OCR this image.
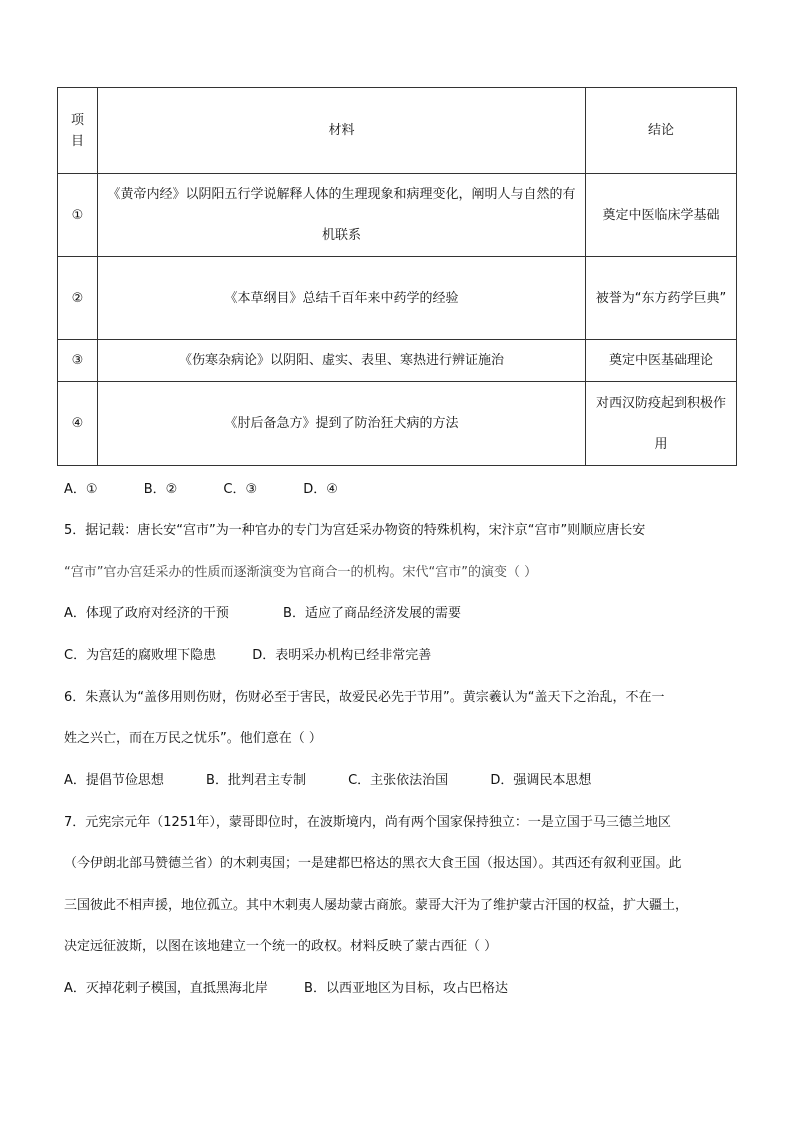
项
目	材料	结论
①	《黄帝内经》以阴阳五行学说解释人体的生理现象和病理变化，阐明人与自然的有机联系	奠定中医临床学基础
②	《本草纲目》总结千百年来中药学的经验	被誉为“东方药学巨典”
③	《伤寒杂病论》以阴阳、虚实、表里、寒热进行辨证施治	奠定中医基础理论
④	《肘后备急方》提到了防治狂犬病的方法	对西汉防疫起到积极作用
A．①	B．②	C．③	D．④
5．据记载：唐长安“宫市”为一种官办的专门为宫廷采办物资的特殊机构，宋汴京“宫市”则顺应唐长安
“宫市”官办宫廷采办的性质而逐渐演变为官商合一的机构。宋代“宫市”的演变（ ）
A．体现了政府对经济的干预	B．适应了商品经济发展的需要
C．为宫廷的腐败埋下隐患	D．表明采办机构已经非常完善
6．朱熹认为“盖侈用则伤财，伤财必至于害民，故爱民必先于节用”。黄宗羲认为“盖天下之治乱，不在一
姓之兴亡，而在万民之忧乐”。他们意在（ ）
A．提倡节俭思想	B．批判君主专制	C．主张依法治国	D．强调民本思想
7．元宪宗元年（1251年），蒙哥即位时，在波斯境内，尚有两个国家保持独立：一是立国于马三德兰地区
（今伊朗北部马赞德兰省）的木剌夷国；一是建都巴格达的黑衣大食王国（报达国）。其西还有叙利亚国。此
三国彼此不相声援，地位孤立。其中木剌夷人屡劫蒙古商旅。蒙哥大汗为了维护蒙古汗国的权益，扩大疆土，
决定远征波斯，以图在该地建立一个统一的政权。材料反映了蒙古西征（ ）
A．灭掉花剌子模国，直抵黑海北岸	B．以西亚地区为目标，攻占巴格达
